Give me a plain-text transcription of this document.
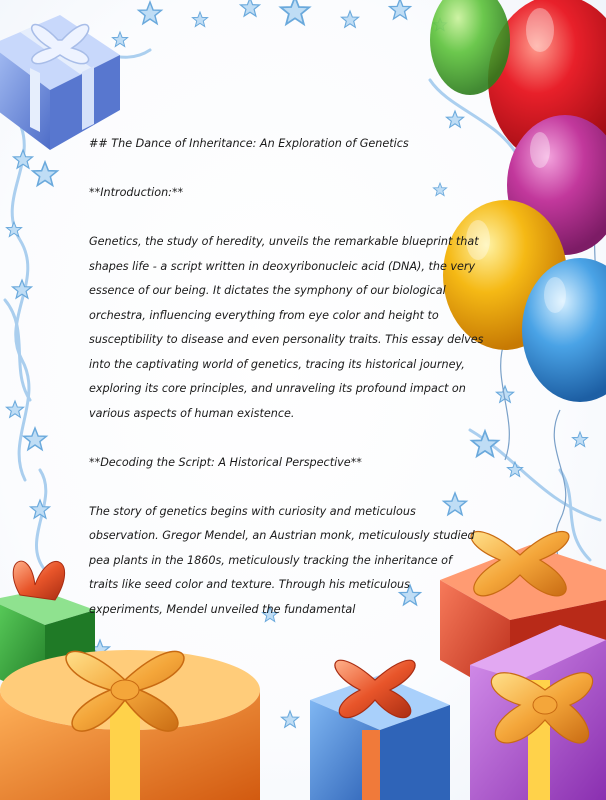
## The Dance of Inheritance: An Exploration of Genetics

**Introduction:**

Genetics, the study of heredity, unveils the remarkable blueprint that shapes life - a script written in deoxyribonucleic acid (DNA), the very essence of our being. It dictates the symphony of our biological orchestra, influencing everything from eye color and height to susceptibility to disease and even personality traits. This essay delves into the captivating world of genetics, tracing its historical journey, exploring its core principles, and unraveling its profound impact on various aspects of human existence.

**Decoding the Script: A Historical Perspective**

The story of genetics begins with curiosity and meticulous observation. Gregor Mendel, an Austrian monk, meticulously studied pea plants in the 1860s, meticulously tracking the inheritance of traits like seed color and texture. Through his meticulous experiments, Mendel unveiled the fundamental
